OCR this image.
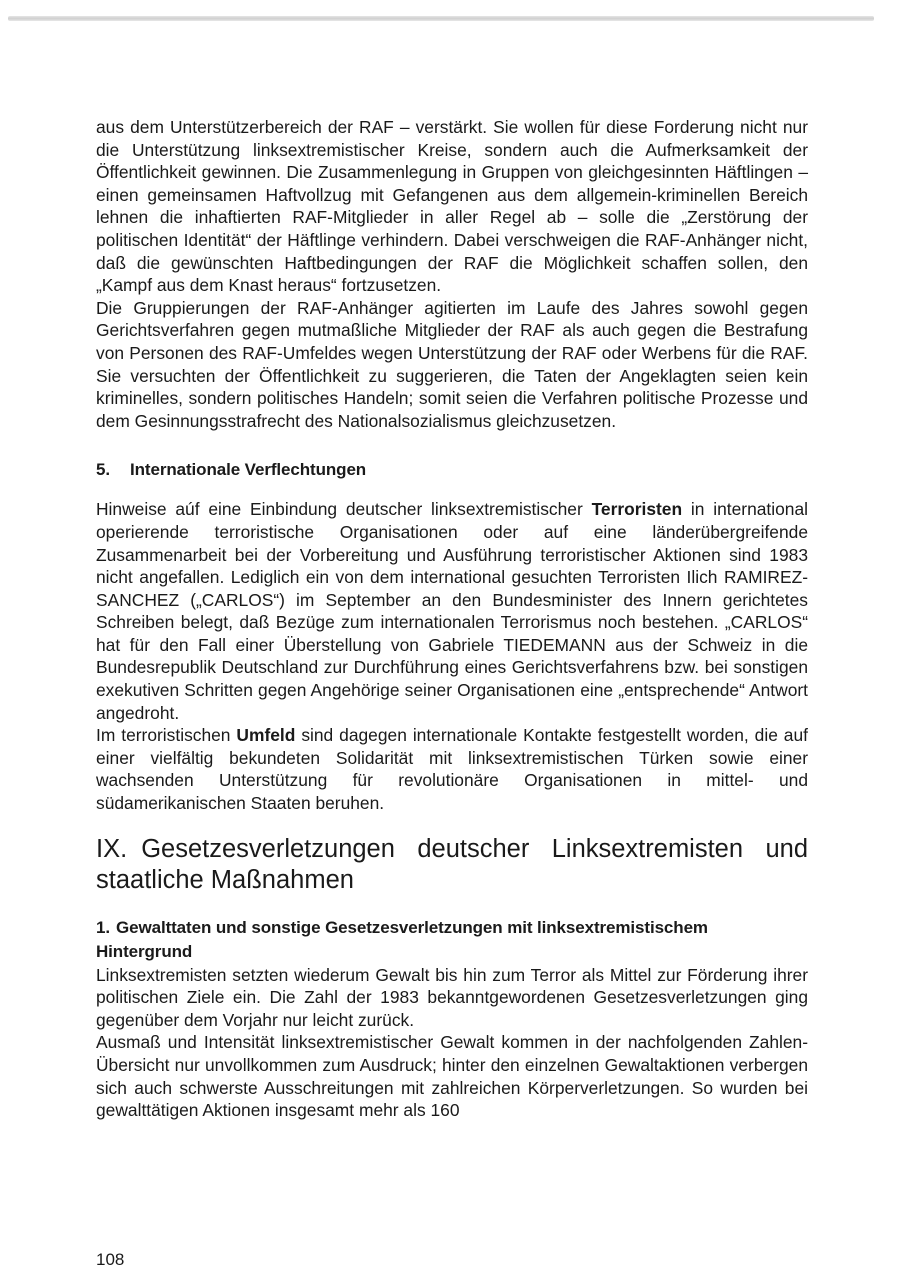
aus dem Unterstützerbereich der RAF – verstärkt. Sie wollen für diese Forderung nicht nur die Unterstützung linksextremistischer Kreise, sondern auch die Aufmerksamkeit der Öffentlichkeit gewinnen. Die Zusammenlegung in Gruppen von gleichgesinnten Häftlingen – einen gemeinsamen Haftvollzug mit Gefangenen aus dem allgemein-kriminellen Bereich lehnen die inhaftierten RAF-Mitglieder in aller Regel ab – solle die „Zerstörung der politischen Identität“ der Häftlinge verhindern. Dabei verschweigen die RAF-Anhänger nicht, daß die gewünschten Haftbedingungen der RAF die Möglichkeit schaffen sollen, den „Kampf aus dem Knast heraus“ fortzusetzen.

Die Gruppierungen der RAF-Anhänger agitierten im Laufe des Jahres sowohl gegen Gerichtsverfahren gegen mutmaßliche Mitglieder der RAF als auch gegen die Bestrafung von Personen des RAF-Umfeldes wegen Unterstützung der RAF oder Werbens für die RAF. Sie versuchten der Öffentlichkeit zu suggerieren, die Taten der Angeklagten seien kein kriminelles, sondern politisches Handeln; somit seien die Verfahren politische Prozesse und dem Gesinnungsstrafrecht des Nationalsozialismus gleichzusetzen.

5. Internationale Verflechtungen

Hinweise aúf eine Einbindung deutscher linksextremistischer Terroristen in international operierende terroristische Organisationen oder auf eine länderübergreifende Zusammenarbeit bei der Vorbereitung und Ausführung terroristischer Aktionen sind 1983 nicht angefallen. Lediglich ein von dem international gesuchten Terroristen Ilich RAMIREZ-SANCHEZ („CARLOS“) im September an den Bundesminister des Innern gerichtetes Schreiben belegt, daß Bezüge zum internationalen Terrorismus noch bestehen. „CARLOS“ hat für den Fall einer Überstellung von Gabriele TIEDEMANN aus der Schweiz in die Bundesrepublik Deutschland zur Durchführung eines Gerichtsverfahrens bzw. bei sonstigen exekutiven Schritten gegen Angehörige seiner Organisationen eine „entsprechende“ Antwort angedroht.

Im terroristischen Umfeld sind dagegen internationale Kontakte festgestellt worden, die auf einer vielfältig bekundeten Solidarität mit linksextremistischen Türken sowie einer wachsenden Unterstützung für revolutionäre Organisationen in mittel- und südamerikanischen Staaten beruhen.

IX. Gesetzesverletzungen deutscher Linksextremisten und staatliche Maßnahmen
1. Gewalttaten und sonstige Gesetzesverletzungen mit linksextremistischem Hintergrund

Linksextremisten setzten wiederum Gewalt bis hin zum Terror als Mittel zur Förderung ihrer politischen Ziele ein. Die Zahl der 1983 bekanntgewordenen Gesetzesverletzungen ging gegenüber dem Vorjahr nur leicht zurück.

Ausmaß und Intensität linksextremistischer Gewalt kommen in der nachfolgenden Zahlen-Übersicht nur unvollkommen zum Ausdruck; hinter den einzelnen Gewaltaktionen verbergen sich auch schwerste Ausschreitungen mit zahlreichen Körperverletzungen. So wurden bei gewalttätigen Aktionen insgesamt mehr als 160

108
